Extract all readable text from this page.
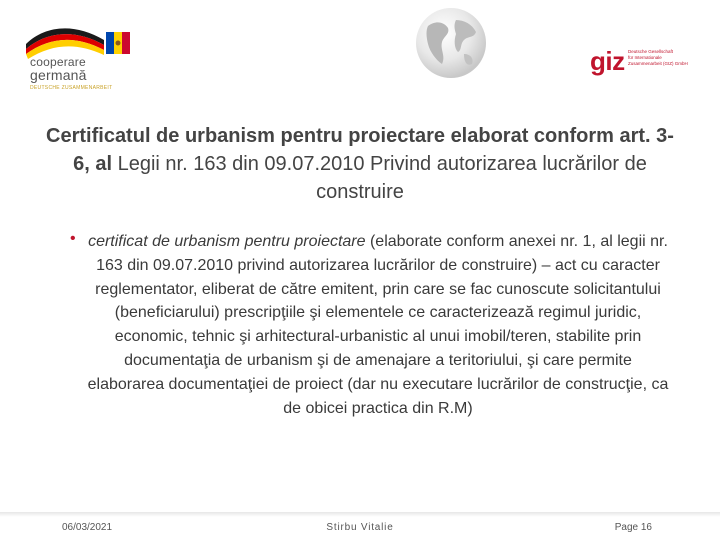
cooperare
germană
DEUTSCHE ZUSAMMENARBEIT
giz Deutsche Gesellschaft
für Internationale
Zusammenarbeit (GIZ) GmbH
Certificatul de urbanism pentru proiectare elaborat conform art. 3-6, al Legii nr. 163 din 09.07.2010 Privind autorizarea lucrărilor de construire
• certificat de urbanism pentru proiectare (elaborate conform anexei nr. 1, al legii nr. 163 din 09.07.2010 privind autorizarea lucrărilor de construire) – act cu caracter reglementator, eliberat de către emitent, prin care se fac cunoscute solicitantului (beneficiarului) prescripţiile şi elementele ce caracterizează regimul juridic, economic, tehnic şi arhitectural-urbanistic al unui imobil/teren, stabilite prin documentaţia de urbanism şi de amenajare a teritoriului, şi care permite elaborarea documentaţiei de proiect (dar nu executare lucrărilor de construcţie, ca de obicei practica din R.M)
06/03/2021	Stirbu Vitalie	Page 16
